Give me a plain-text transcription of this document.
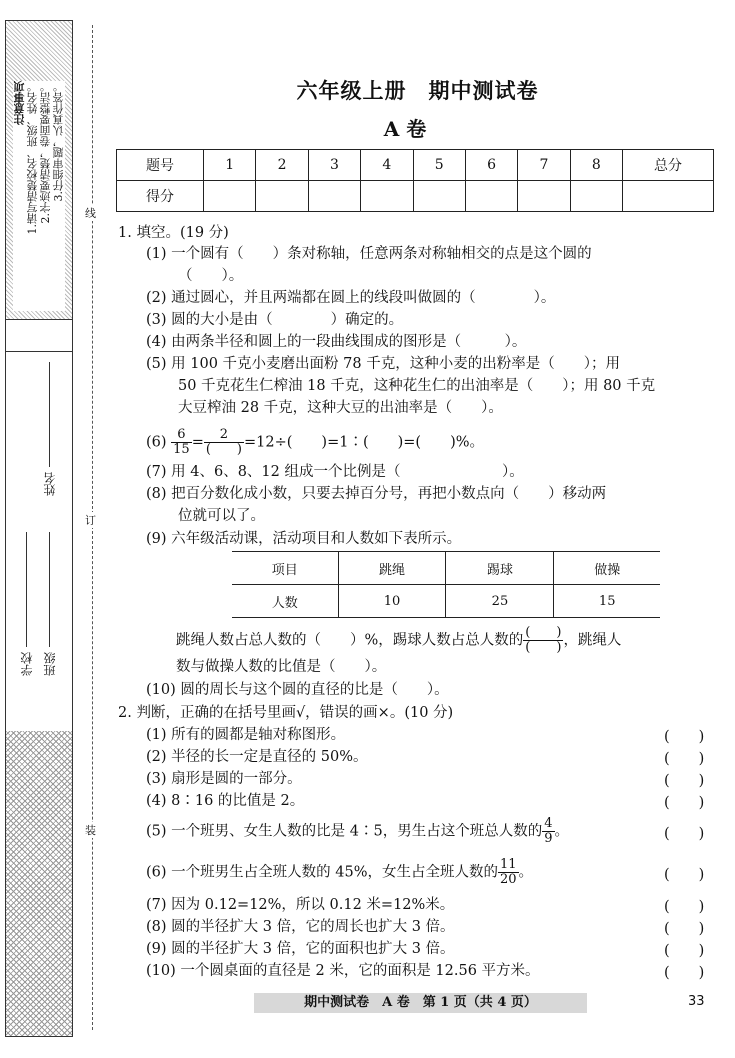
注意事项 1.请写清楚校名、班级、姓名。 2.字迹要清楚，卷面要整洁。 3.仔细审题，认真作答。
学校 班级
姓名
线
订
装
六年级上册　期中测试卷
A 卷
题号	1	2	3	4	5	6	7	8	总分
得分									
1. 填空。(19 分)
(1) 一个圆有（　　）条对称轴，任意两条对称轴相交的点是这个圆的
（　　）。
(2) 通过圆心，并且两端都在圆上的线段叫做圆的（　　　　）。
(3) 圆的大小是由（　　　　）确定的。
(4) 由两条半径和圆上的一段曲线围成的图形是（　　　）。
(5) 用 100 千克小麦磨出面粉 78 千克，这种小麦的出粉率是（　　）；用
50 千克花生仁榨油 18 千克，这种花生仁的出油率是（　　）；用 80 千克
大豆榨油 28 千克，这种大豆的出油率是（　　）。
$(6) \frac{6}{15} = \frac{2}{( )} =12\div$(　　)=1∶(　　)=(　　)%。
(7) 用 4、6、8、12 组成一个比例是（　　　　　　　）。
(8) 把百分数化成小数，只要去掉百分号，再把小数点向（　　）移动两
位就可以了。
(9) 六年级活动课，活动项目和人数如下表所示。
项目	跳绳	踢球	做操
人数	10	25	15
跳绳人数占总人数的（　　）%，踢球人数占总人数的 $\frac{( )}{( )}$ ，跳绳人
数与做操人数的比值是（　　）。
(10) 圆的周长与这个圆的直径的比是（　　）。
2. 判断，正确的在括号里画√，错误的画×。(10 分)
(1) 所有的圆都是轴对称图形。	(　　)
(2) 半径的长一定是直径的 50%。	(　　)
(3) 扇形是圆的一部分。	(　　)
(4) 8∶16 的比值是 2。	(　　)
(5) 一个班男、女生人数的比是 4∶5，男生占这个班总人数的 $\frac{4}{9}$ 。	(　　)
(6) 一个班男生占全班人数的 45%，女生占全班人数的 $\frac{11}{20}$ 。	(　　)
(7) 因为 0.12=12%，所以 0.12 米=12%米。	(　　)
(8) 圆的半径扩大 3 倍，它的周长也扩大 3 倍。	(　　)
(9) 圆的半径扩大 3 倍，它的面积也扩大 3 倍。	(　　)
(10) 一个圆桌面的直径是 2 米，它的面积是 12.56 平方米。	(　　)
期中测试卷　A 卷　第 1 页（共 4 页）	33
